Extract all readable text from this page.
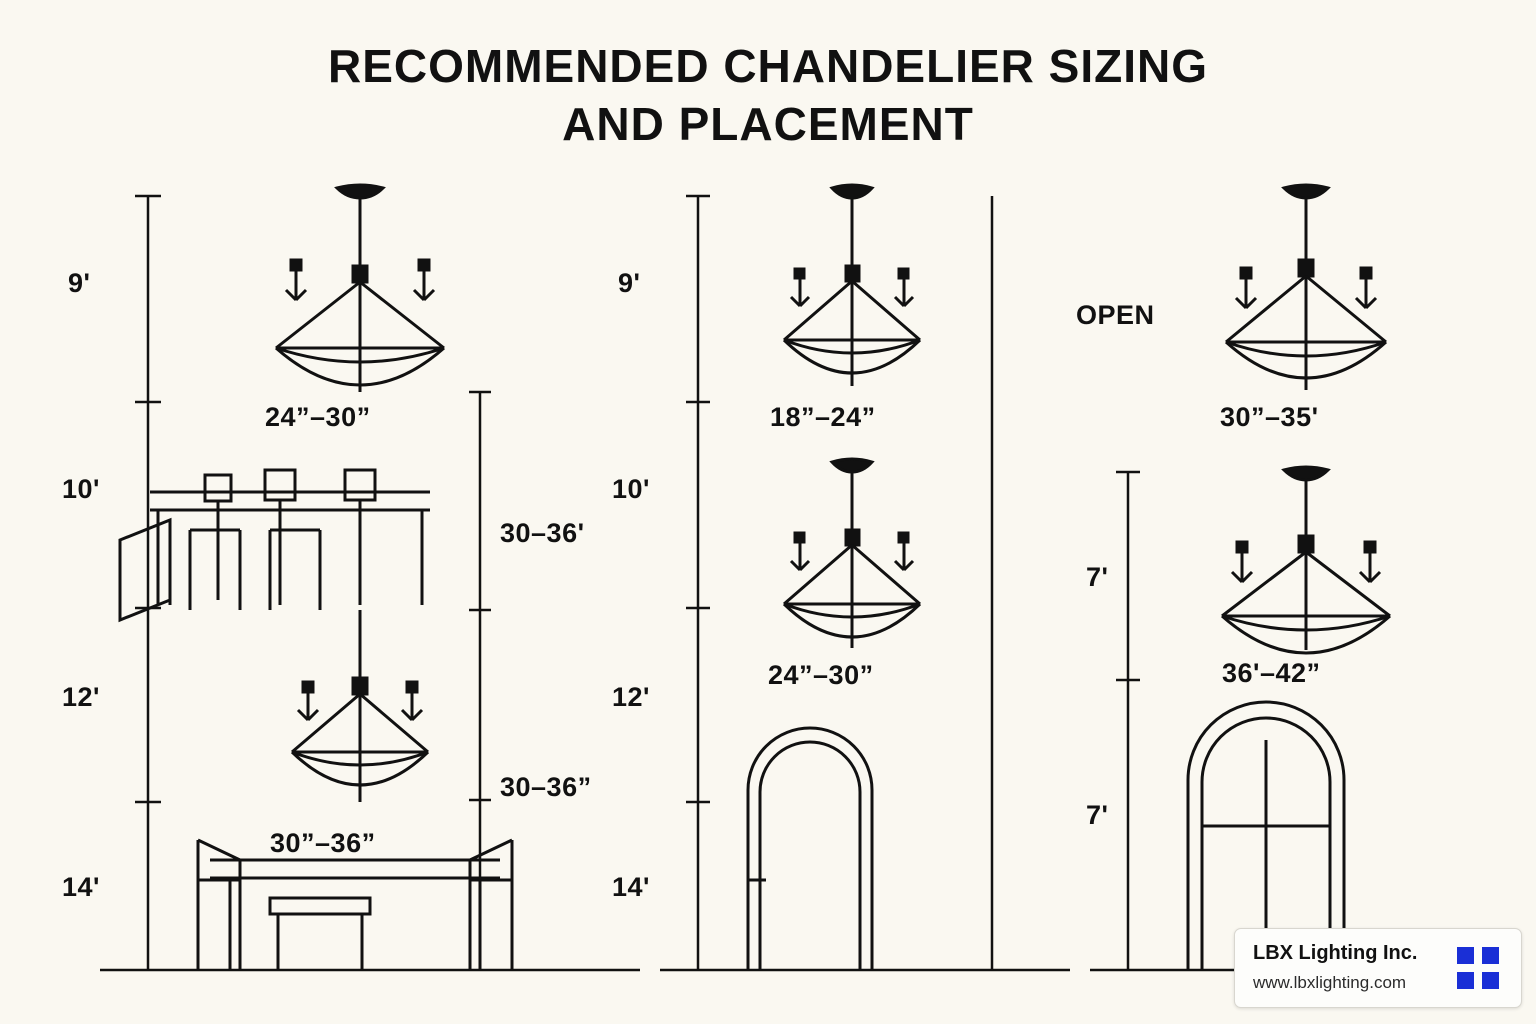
RECOMMENDED CHANDELIER SIZING
AND PLACEMENT
9'
10'
12'
14'
24”–30”
30–36'
30”–36”
30–36”
9'
10'
12'
14'
18”–24”
24”–30”
OPEN
7'
7'
30”–35'
36'–42”
LBX Lighting Inc.
www.lbxlighting.com
